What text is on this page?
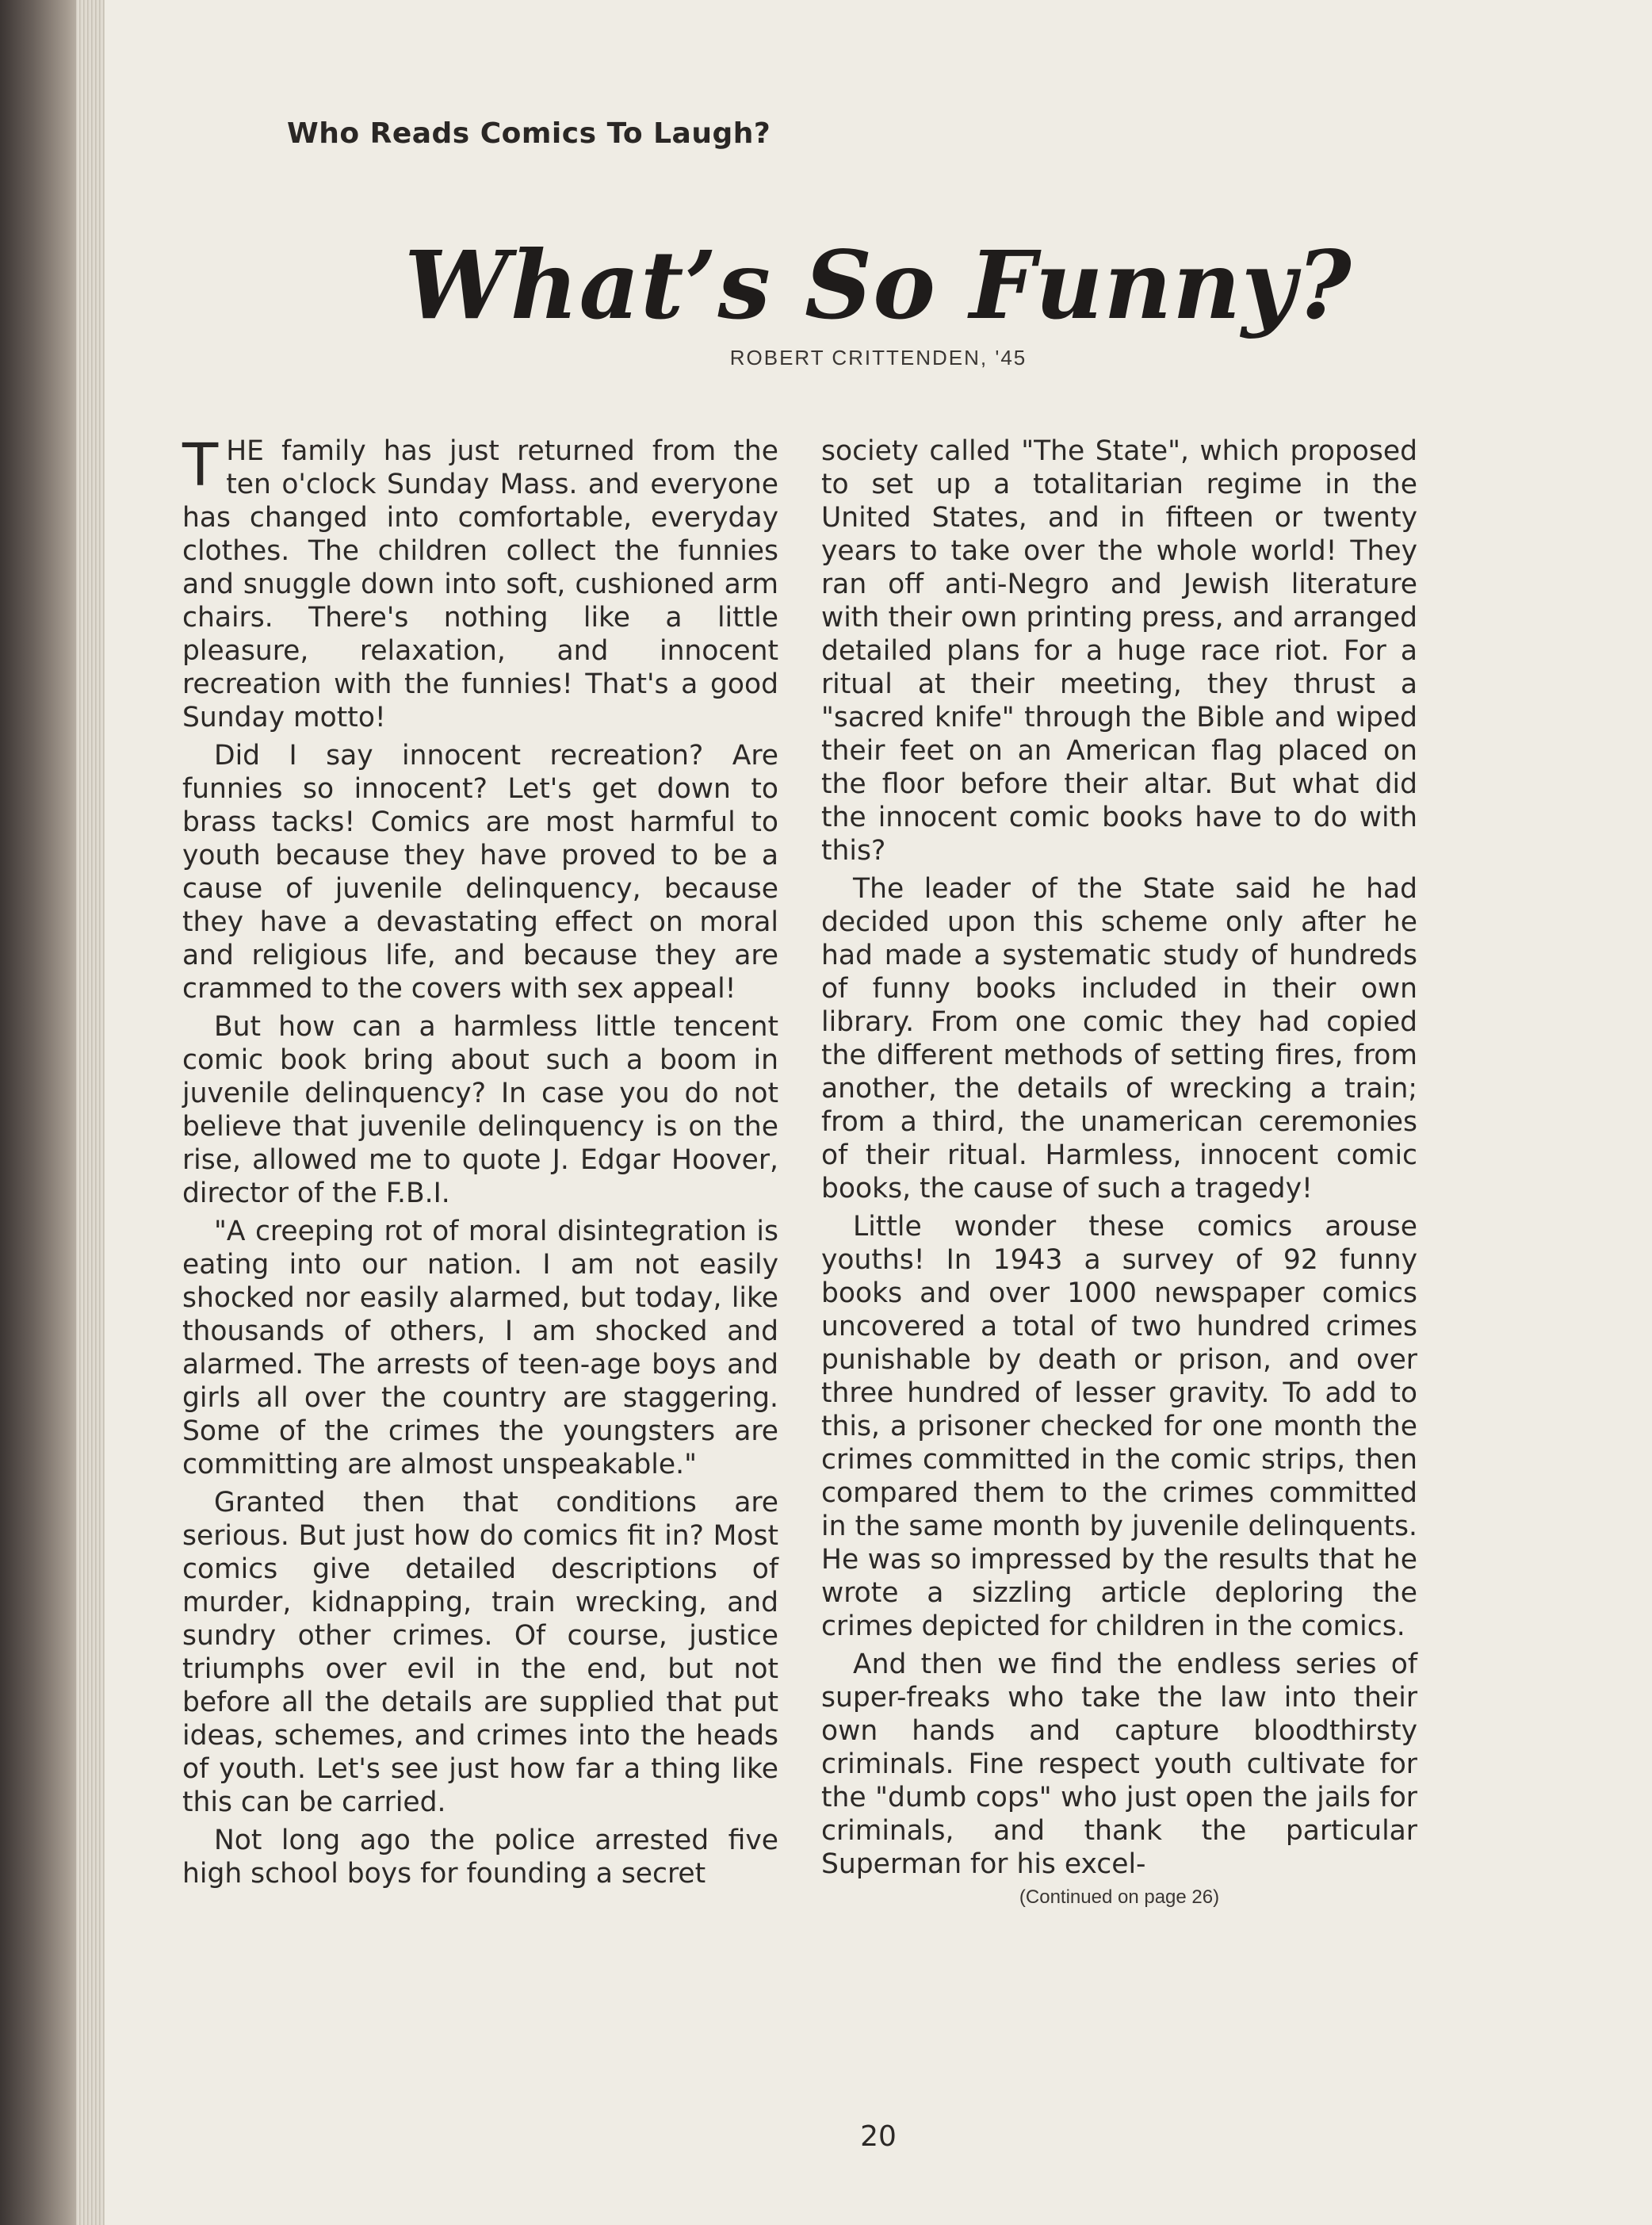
Who Reads Comics To Laugh?
What’s So Funny?
ROBERT CRITTENDEN, '45
20

THE family has just returned from the ten o'clock Sunday Mass. and everyone has changed into comfortable, everyday clothes. The children collect the funnies and snuggle down into soft, cushioned arm chairs. There's nothing like a little pleasure, relaxation, and innocent recreation with the funnies! That's a good Sunday motto!

Did I say innocent recreation? Are funnies so innocent? Let's get down to brass tacks! Comics are most harmful to youth because they have proved to be a cause of juvenile delinquency, because they have a devastating effect on moral and religious life, and because they are crammed to the covers with sex appeal!

But how can a harmless little tencent comic book bring about such a boom in juvenile delinquency? In case you do not believe that juvenile delinquency is on the rise, allowed me to quote J. Edgar Hoover, director of the F.B.I.

"A creeping rot of moral disintegration is eating into our nation. I am not easily shocked nor easily alarmed, but today, like thousands of others, I am shocked and alarmed. The arrests of teen-age boys and girls all over the country are staggering. Some of the crimes the youngsters are committing are almost unspeakable."

Granted then that conditions are serious. But just how do comics fit in? Most comics give detailed descriptions of murder, kidnapping, train wrecking, and sundry other crimes. Of course, justice triumphs over evil in the end, but not before all the details are supplied that put ideas, schemes, and crimes into the heads of youth. Let's see just how far a thing like this can be carried.

Not long ago the police arrested five high school boys for founding a secret

society called "The State", which proposed to set up a totalitarian regime in the United States, and in fifteen or twenty years to take over the whole world! They ran off anti-Negro and Jewish literature with their own printing press, and arranged detailed plans for a huge race riot. For a ritual at their meeting, they thrust a "sacred knife" through the Bible and wiped their feet on an American flag placed on the floor before their altar. But what did the innocent comic books have to do with this?

The leader of the State said he had decided upon this scheme only after he had made a systematic study of hundreds of funny books included in their own library. From one comic they had copied the different methods of setting fires, from another, the details of wrecking a train; from a third, the unamerican ceremonies of their ritual. Harmless, innocent comic books, the cause of such a tragedy!

Little wonder these comics arouse youths! In 1943 a survey of 92 funny books and over 1000 newspaper comics uncovered a total of two hundred crimes punishable by death or prison, and over three hundred of lesser gravity. To add to this, a prisoner checked for one month the crimes committed in the comic strips, then compared them to the crimes committed in the same month by juvenile delinquents. He was so impressed by the results that he wrote a sizzling article deploring the crimes depicted for children in the comics.

And then we find the endless series of super-freaks who take the law into their own hands and capture bloodthirsty criminals. Fine respect youth cultivate for the "dumb cops" who just open the jails for criminals, and thank the particular Superman for his excel-

(Continued on page 26)
